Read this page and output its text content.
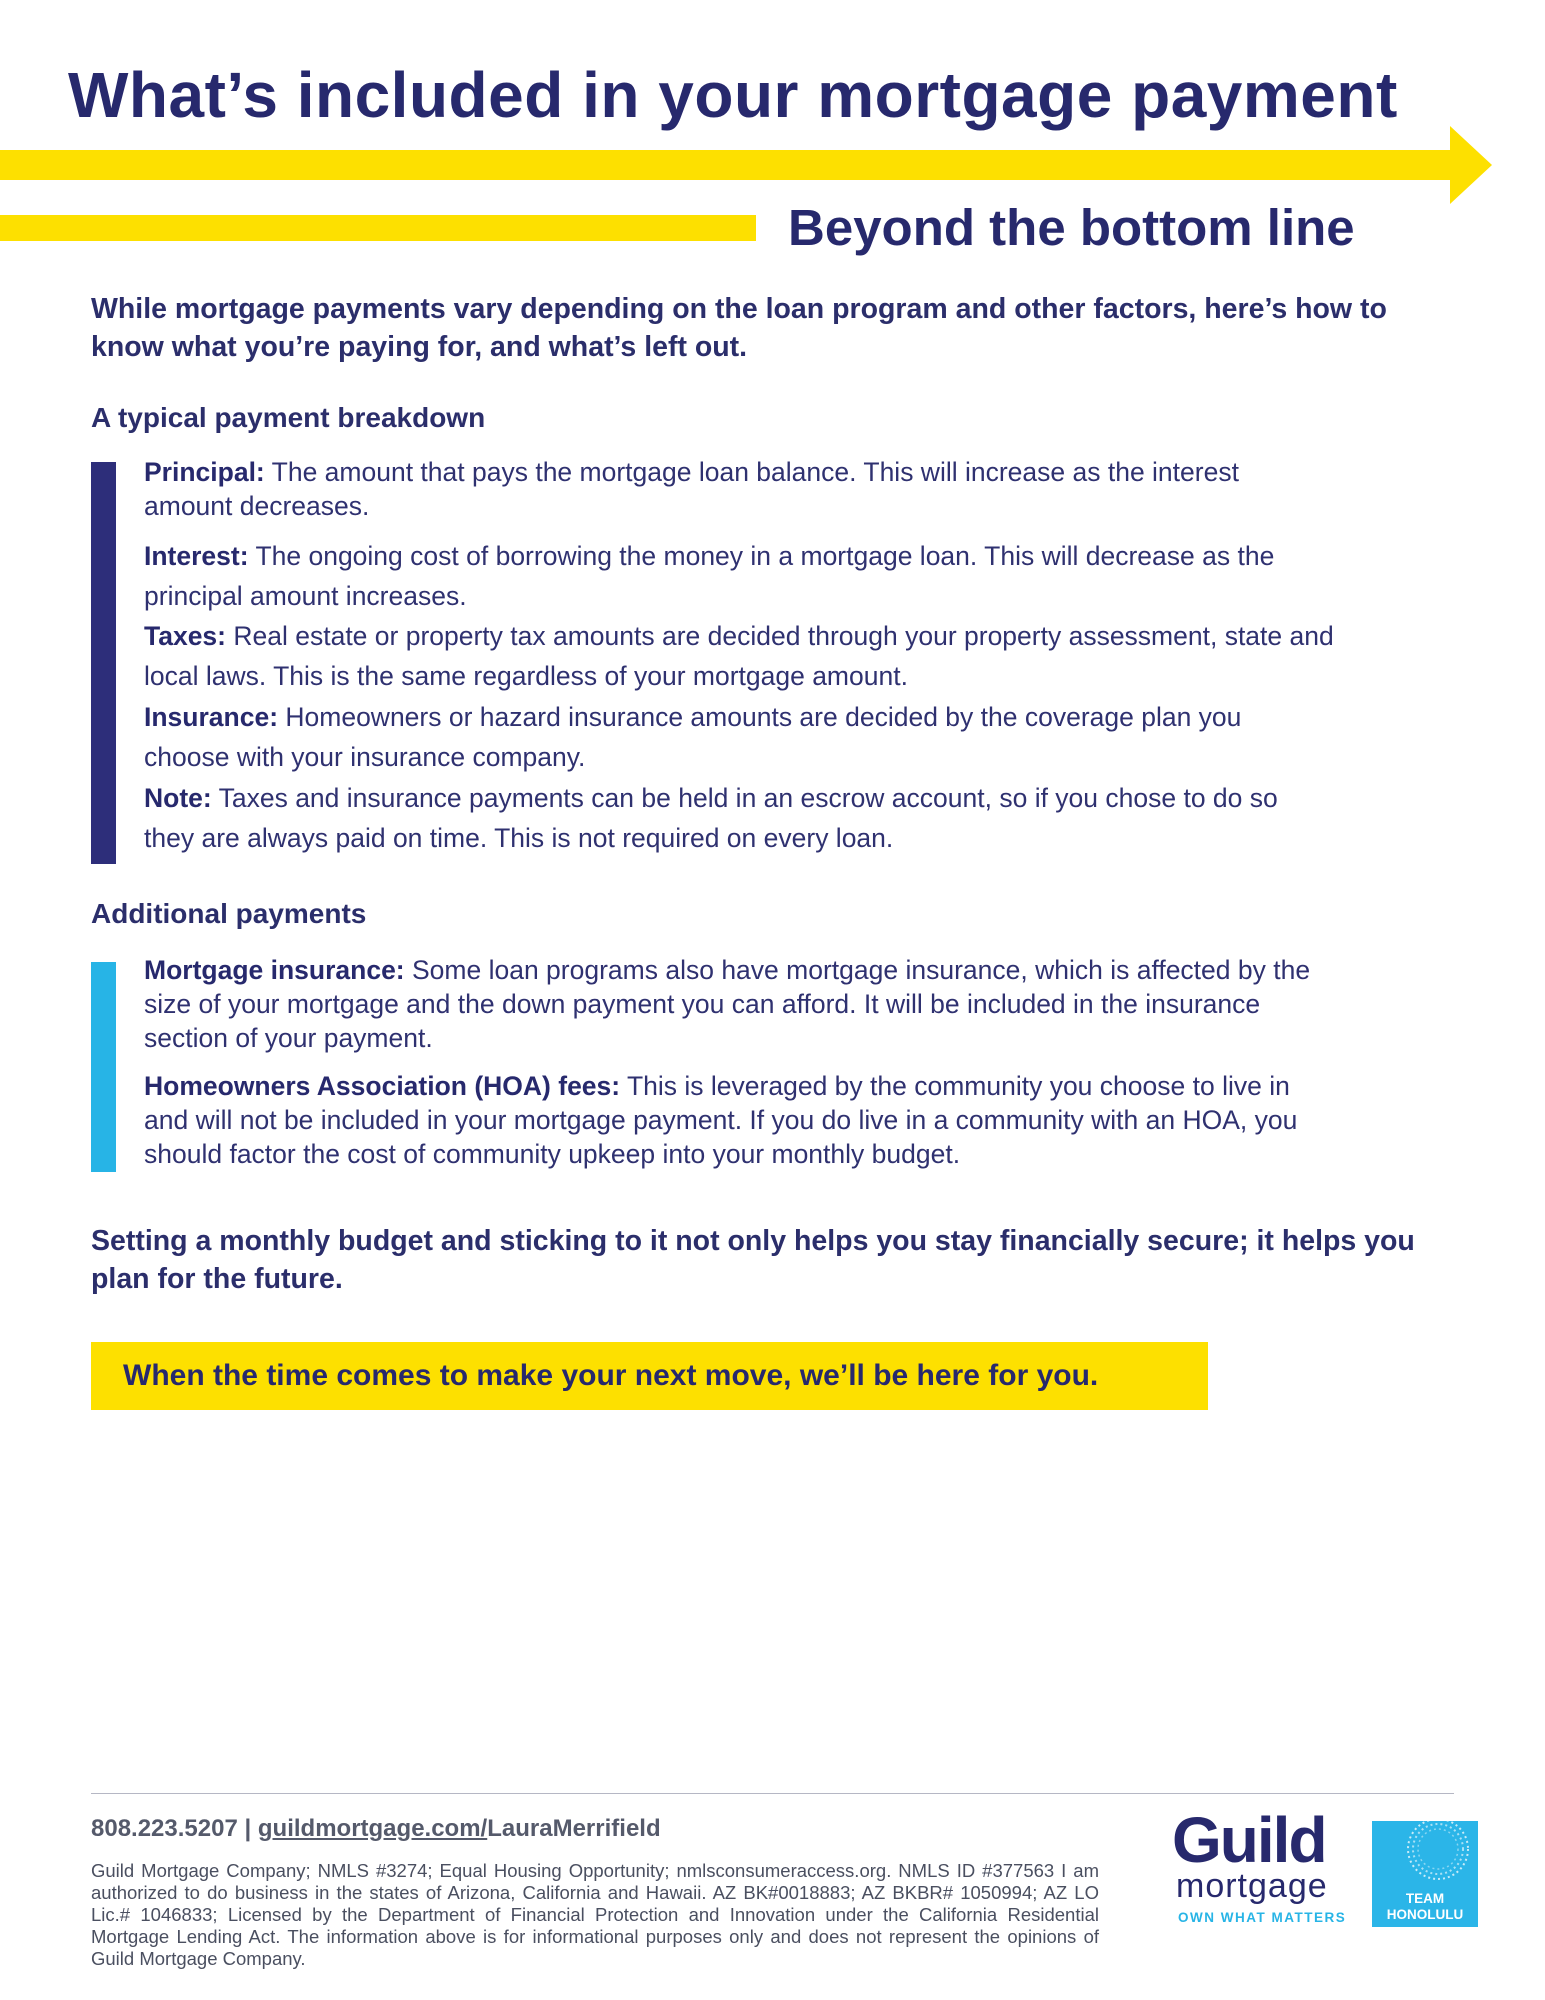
What’s included in your mortgage payment
Beyond the bottom line

While mortgage payments vary depending on the loan program and other factors, here’s how to know what you’re paying for, and what’s left out.

A typical payment breakdown

Principal: The amount that pays the mortgage loan balance. This will increase as the interest amount decreases.

Interest: The ongoing cost of borrowing the money in a mortgage loan. This will decrease as the principal amount increases.

Taxes: Real estate or property tax amounts are decided through your property assessment, state and local laws. This is the same regardless of your mortgage amount.

Insurance: Homeowners or hazard insurance amounts are decided by the coverage plan you choose with your insurance company.

Note: Taxes and insurance payments can be held in an escrow account, so if you chose to do so they are always paid on time. This is not required on every loan.

Additional payments

Mortgage insurance: Some loan programs also have mortgage insurance, which is affected by the size of your mortgage and the down payment you can afford. It will be included in the insurance section of your payment.

Homeowners Association (HOA) fees: This is leveraged by the community you choose to live in and will not be included in your mortgage payment. If you do live in a community with an HOA, you should factor the cost of community upkeep into your monthly budget.

Setting a monthly budget and sticking to it not only helps you stay financially secure; it helps you plan for the future.

When the time comes to make your next move, we’ll be here for you.

808.223.5207 | guildmortgage.com/LauraMerrifield

Guild Mortgage Company; NMLS #3274; Equal Housing Opportunity; nmlsconsumeraccess.org. NMLS ID #377563 I am authorized to do business in the states of Arizona, California and Hawaii. AZ BK#0018883; AZ BKBR# 1050994; AZ LO Lic.# 1046833; Licensed by the Department of Financial Protection and Innovation under the California Residential Mortgage Lending Act. The information above is for informational purposes only and does not represent the opinions of Guild Mortgage Company.

Guild
mortgage
OWN WHAT MATTERS
TEAM
HONOLULU
